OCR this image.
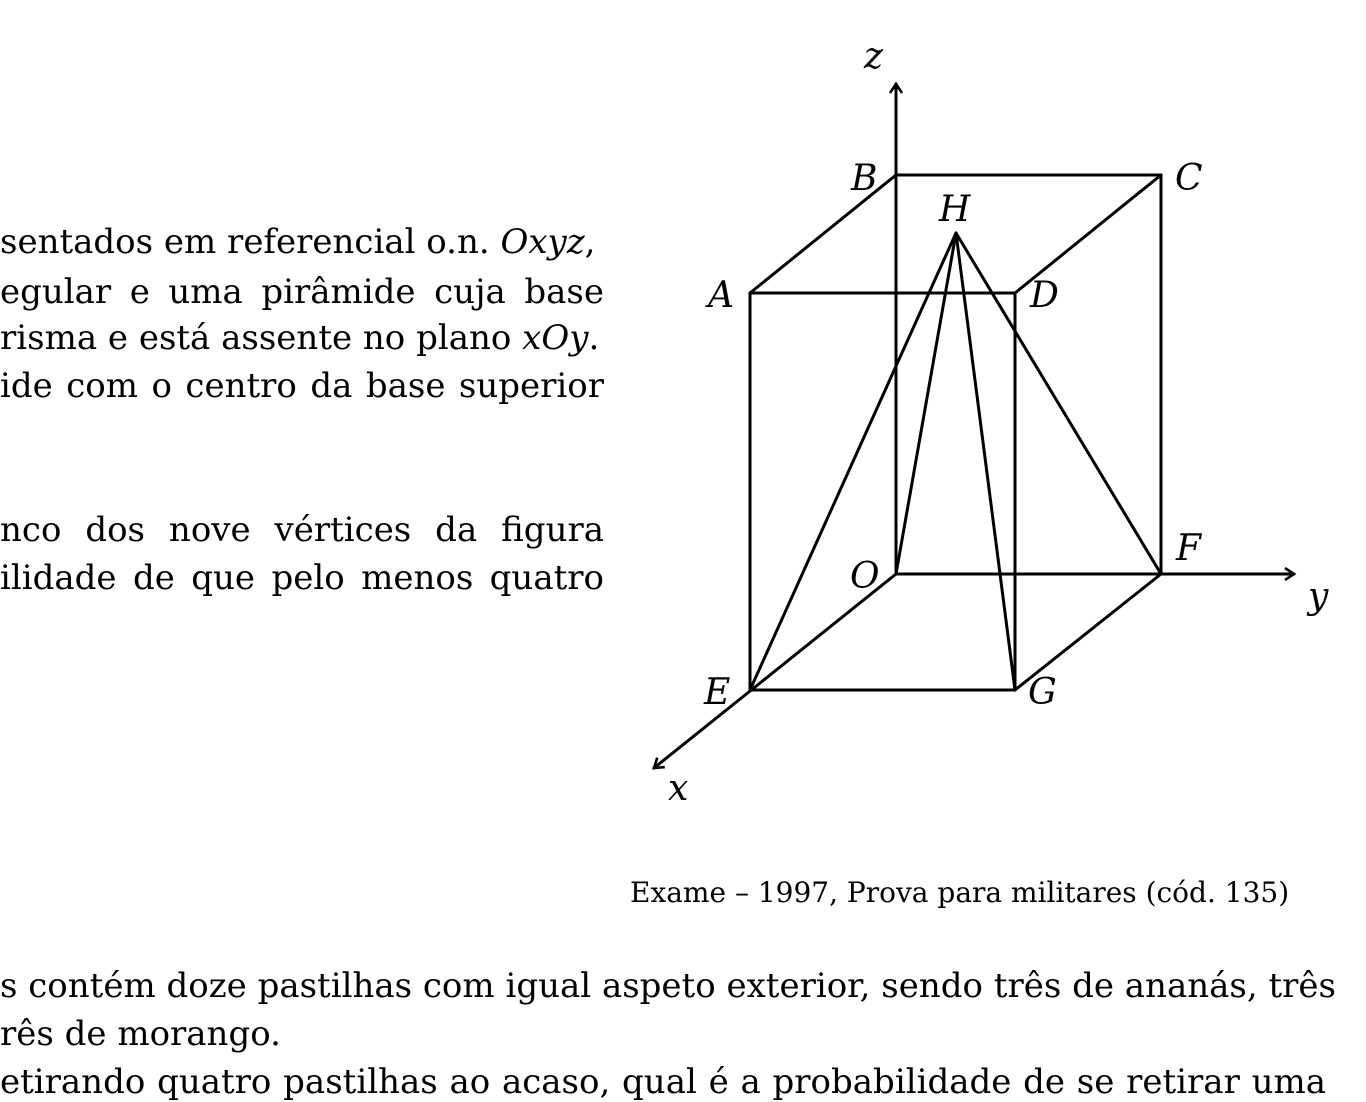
sentados em referencial o.n. Oxyz,
egular e uma pirâmide cuja base
risma e está assente no plano xOy.
ide com o centro da base superior
nco dos nove vértices da figura
ilidade de que pelo menos quatro
z
y
x
B	C
H
A	D
F
O
E	G
Exame – 1997, Prova para militares (cód. 135)
s contém doze pastilhas com igual aspeto exterior, sendo três de ananás, três
rês de morango.
etirando quatro pastilhas ao acaso, qual é a probabilidade de se retirar uma
